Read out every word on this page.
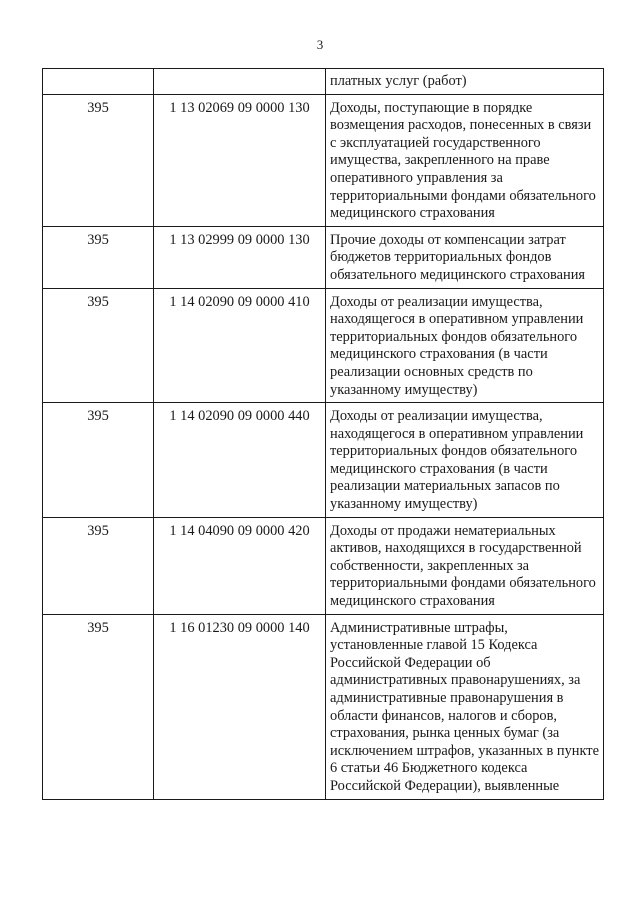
3
		платных услуг (работ)
395	1 13 02069 09 0000 130	Доходы, поступающие в порядке возмещения расходов, понесенных в связи с эксплуатацией государственного имущества, закрепленного на праве оперативного управления за территориальными фондами обязательного медицинского страхования
395	1 13 02999 09 0000 130	Прочие доходы от компенсации затрат бюджетов территориальных фондов обязательного медицинского страхования
395	1 14 02090 09 0000 410	Доходы от реализации имущества, находящегося в оперативном управлении территориальных фондов обязательного медицинского страхования (в части реализации основных средств по указанному имуществу)
395	1 14 02090 09 0000 440	Доходы от реализации имущества, находящегося в оперативном управлении территориальных фондов обязательного медицинского страхования (в части реализации материальных запасов по указанному имуществу)
395	1 14 04090 09 0000 420	Доходы от продажи нематериальных активов, находящихся в государственной собственности, закрепленных за территориальными фондами обязательного медицинского страхования
395	1 16 01230 09 0000 140	Административные штрафы, установленные главой 15 Кодекса Российской Федерации об административных правонарушениях, за административные правонарушения в области финансов, налогов и сборов, страхования, рынка ценных бумаг (за исключением штрафов, указанных в пункте 6 статьи 46 Бюджетного кодекса Российской Федерации), выявленные
